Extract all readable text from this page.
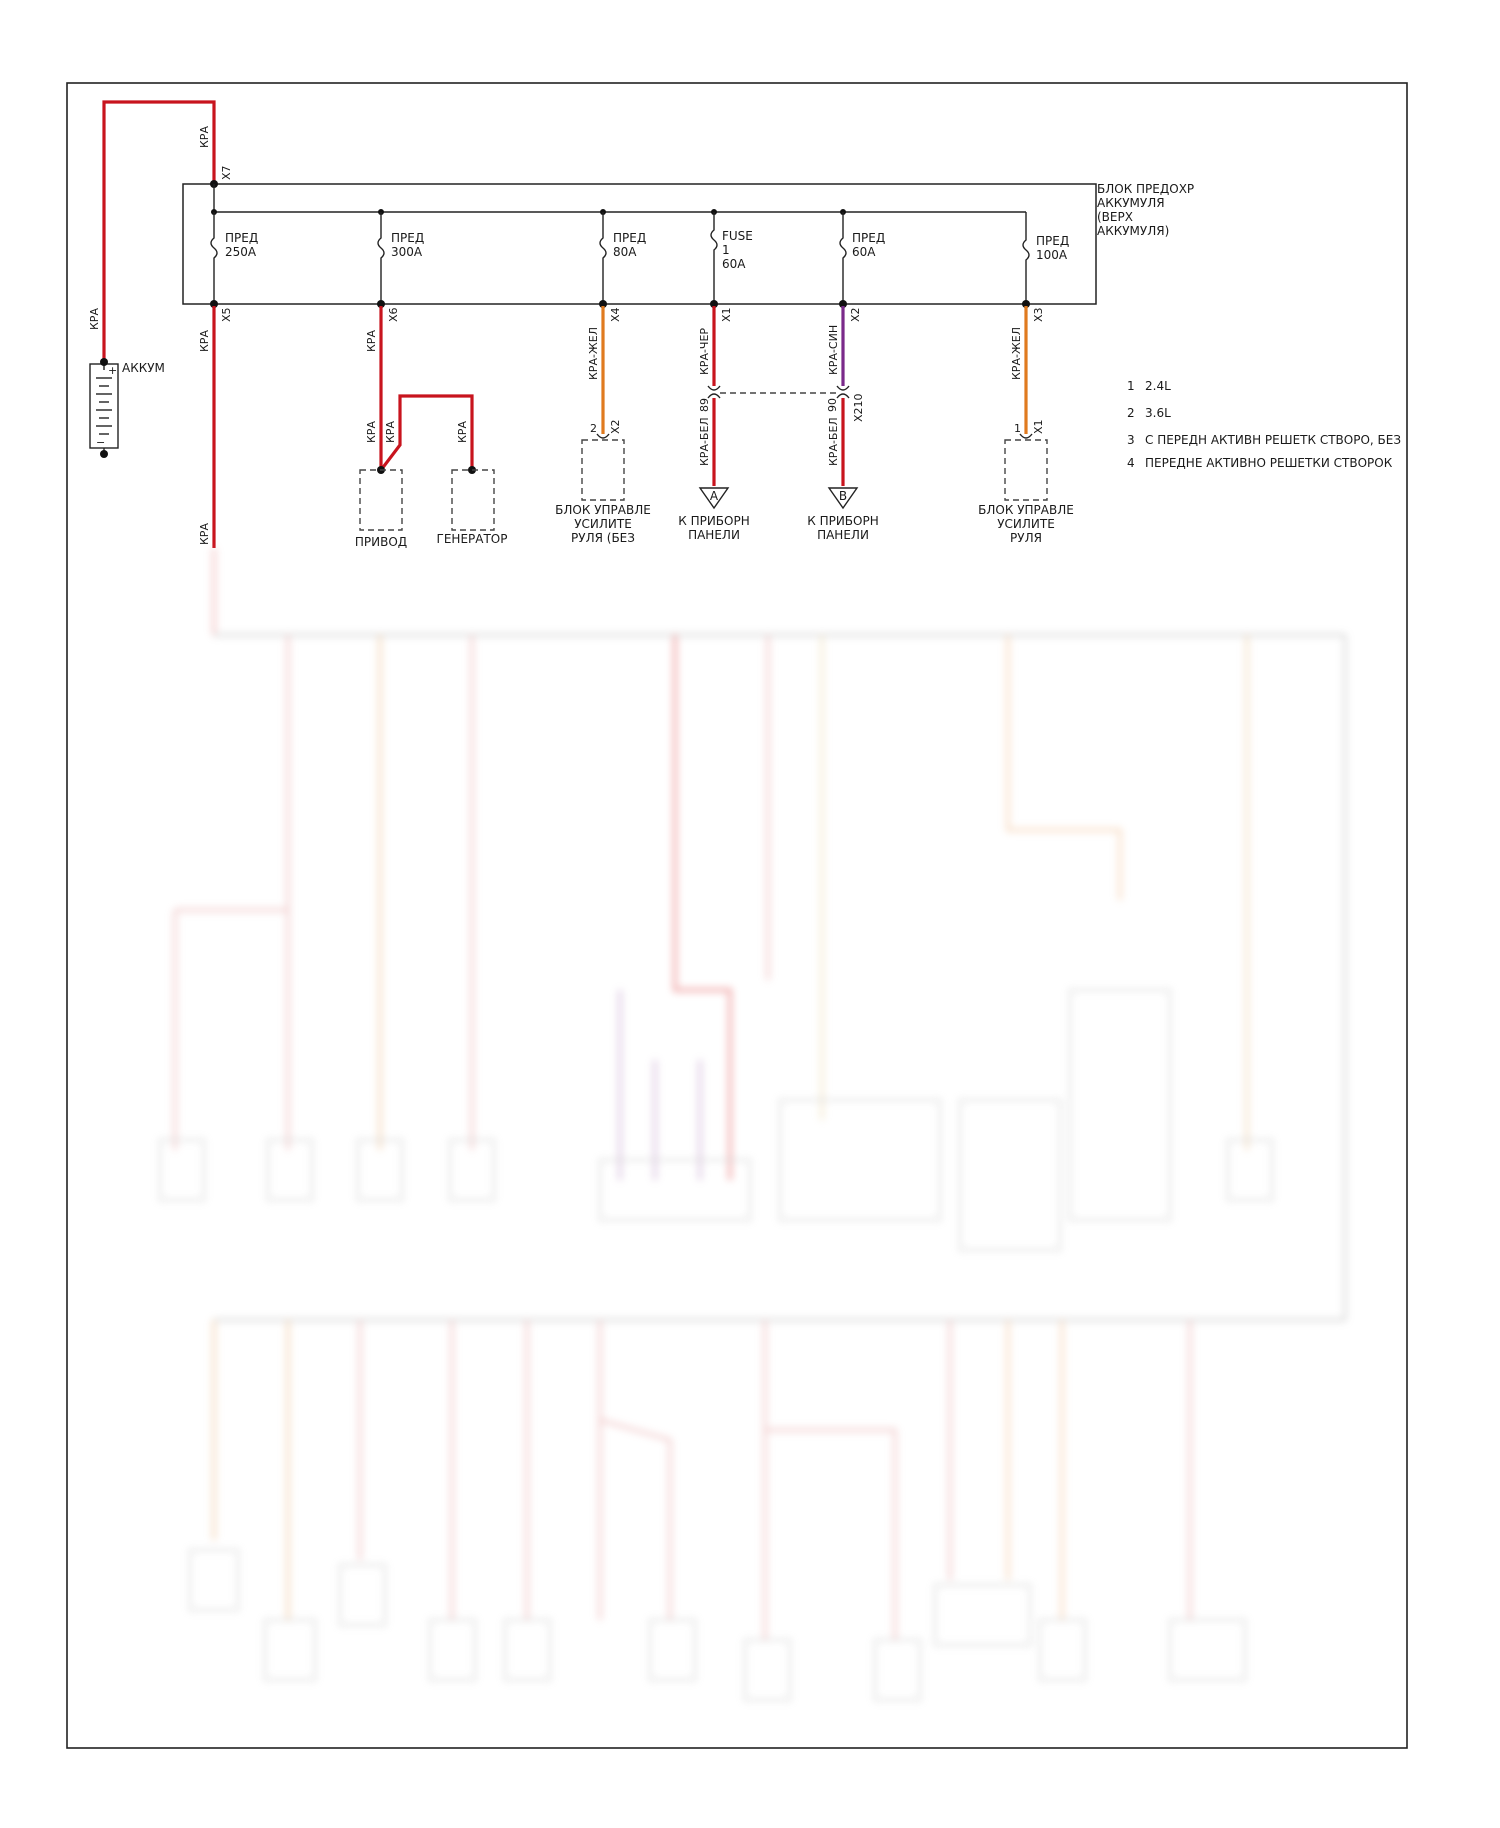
БЛОК ПРЕДОХР
АККУМУЛЯ
(ВЕРХ
АККУМУЛЯ)
КРА
КРА
X7
+
−
АККУМ
ПРЕД
250A
X5
ПРЕД
300A
X6
ПРЕД
80A
X4
FUSE
1
60A
X1
ПРЕД
60A
X2
ПРЕД
100A
X3
КРА
КРА
КРА
КРА КРА	КРА
ПРИВОД ГЕНЕРАТОР
КРА-ЖЕЛ
2 X2
БЛОК УПРАВЛЕ
УСИЛИТЕ
РУЛЯ (БЕЗ
КРА-ЧЕР
КРА-БЕЛ
89
A
К ПРИБОРН
ПАНЕЛИ
КРА-СИН
КРА-БЕЛ
90 X210
B
К ПРИБОРН
ПАНЕЛИ
КРА-ЖЕЛ
1 X1
БЛОК УПРАВЛЕ
УСИЛИТЕ
РУЛЯ
1 2.4L
2 3.6L
3 С ПЕРЕДН АКТИВН РЕШЕТК СТВОРО, БЕЗ
4 ПЕРЕДНЕ АКТИВНО РЕШЕТКИ СТВОРОК
